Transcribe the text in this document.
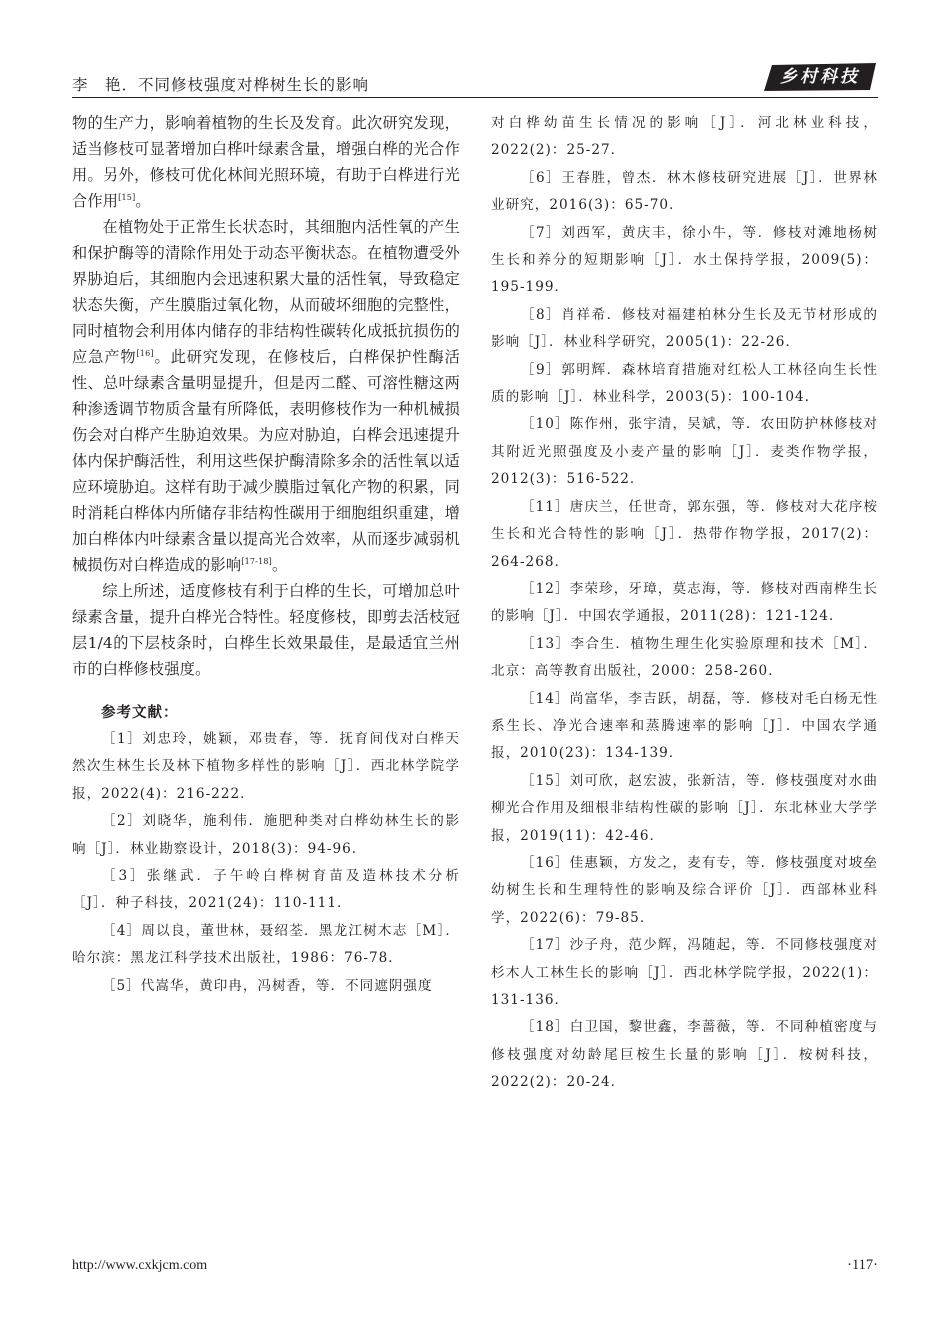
李　艳．不同修枝强度对桦树生长的影响	乡村科技

物的生产力，影响着植物的生长及发育。此次研究发现，适当修枝可显著增加白桦叶绿素含量，增强白桦的光合作用。另外，修枝可优化林间光照环境，有助于白桦进行光合作用[15]。

在植物处于正常生长状态时，其细胞内活性氧的产生和保护酶等的清除作用处于动态平衡状态。在植物遭受外界胁迫后，其细胞内会迅速积累大量的活性氧，导致稳定状态失衡，产生膜脂过氧化物，从而破坏细胞的完整性，同时植物会利用体内储存的非结构性碳转化成抵抗损伤的应急产物[16]。此研究发现，在修枝后，白桦保护性酶活性、总叶绿素含量明显提升，但是丙二醛、可溶性糖这两种渗透调节物质含量有所降低，表明修枝作为一种机械损伤会对白桦产生胁迫效果。为应对胁迫，白桦会迅速提升体内保护酶活性，利用这些保护酶清除多余的活性氧以适应环境胁迫。这样有助于减少膜脂过氧化产物的积累，同时消耗白桦体内所储存非结构性碳用于细胞组织重建，增加白桦体内叶绿素含量以提高光合效率，从而逐步减弱机械损伤对白桦造成的影响[17-18]。

综上所述，适度修枝有利于白桦的生长，可增加总叶绿素含量，提升白桦光合特性。轻度修枝，即剪去活枝冠层1/4的下层枝条时，白桦生长效果最佳，是最适宜兰州市的白桦修枝强度。

参考文献：

［1］刘忠玲，姚颖，邓贵春，等．抚育间伐对白桦天然次生林生长及林下植物多样性的影响［J］．西北林学院学报，2022(4)：216-222．

［2］刘晓华，施利伟．施肥种类对白桦幼林生长的影响［J］．林业勘察设计，2018(3)：94-96．

［3］张继武．子午岭白桦树育苗及造林技术分析［J］．种子科技，2021(24)：110-111．

［4］周以良，董世林，聂绍荃．黑龙江树木志［M］．哈尔滨：黑龙江科学技术出版社，1986：76-78．

［5］代嵩华，黄印冉，冯树香，等．不同遮阴强度

对白桦幼苗生长情况的影响［J］．河北林业科技，2022(2)：25-27．

［6］王春胜，曾杰．林木修枝研究进展［J］．世界林业研究，2016(3)：65-70．

［7］刘西军，黄庆丰，徐小牛，等．修枝对滩地杨树生长和养分的短期影响［J］．水土保持学报，2009(5)：195-199．

［8］肖祥希．修枝对福建柏林分生长及无节材形成的影响［J］．林业科学研究，2005(1)：22-26．

［9］郭明辉．森林培育措施对红松人工林径向生长性质的影响［J］．林业科学，2003(5)：100-104．

［10］陈作州，张宇清，吴斌，等．农田防护林修枝对其附近光照强度及小麦产量的影响［J］．麦类作物学报，2012(3)：516-522．

［11］唐庆兰，任世奇，郭东强，等．修枝对大花序桉生长和光合特性的影响［J］．热带作物学报，2017(2)：264-268．

［12］李荣珍，牙璋，莫志海，等．修枝对西南桦生长的影响［J］．中国农学通报，2011(28)：121-124．

［13］李合生．植物生理生化实验原理和技术［M］．北京：高等教育出版社，2000：258-260．

［14］尚富华，李吉跃，胡磊，等．修枝对毛白杨无性系生长、净光合速率和蒸腾速率的影响［J］．中国农学通报，2010(23)：134-139．

［15］刘可欣，赵宏波，张新洁，等．修枝强度对水曲柳光合作用及细根非结构性碳的影响［J］．东北林业大学学报，2019(11)：42-46．

［16］佳惠颖，方发之，麦有专，等．修枝强度对坡垒幼树生长和生理特性的影响及综合评价［J］．西部林业科学，2022(6)：79-85．

［17］沙子舟，范少辉，冯随起，等．不同修枝强度对杉木人工林生长的影响［J］．西北林学院学报，2022(1)：131-136．

［18］白卫国，黎世鑫，李蔷薇，等．不同种植密度与修枝强度对幼龄尾巨桉生长量的影响［J］．桉树科技，2022(2)：20-24．

http://www.cxkjcm.com	·117·
